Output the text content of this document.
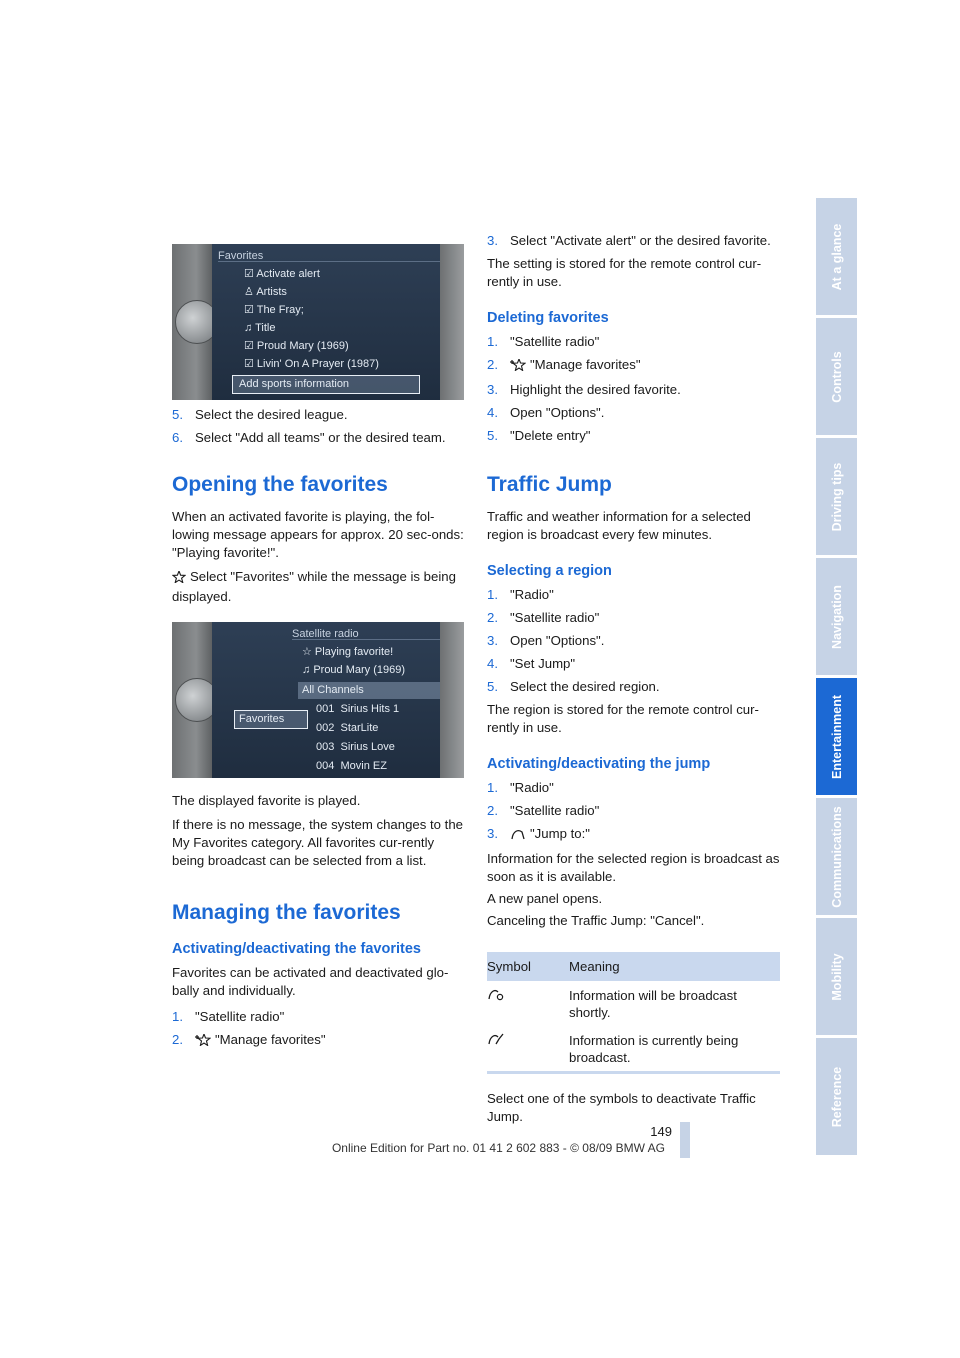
Favorites
☑ Activate alert
♙ Artists
☑ The Fray;
♫ Title
☑ Proud Mary (1969)
☑ Livin' On A Prayer (1987)
Add sports information
5. Select the desired league.
6. Select "Add all teams" or the desired team.
Opening the favorites

When an activated favorite is playing, the fol-lowing message appears for approx. 20 sec-onds: "Playing favorite!".

Select "Favorites" while the message is being displayed.

Satellite radio
☆ Playing favorite!
♫ Proud Mary (1969)
All Channels
001 Sirius Hits 1
002 StarLite
003 Sirius Love
004 Movin EZ
Favorites

The displayed favorite is played.

If there is no message, the system changes to the My Favorites category. All favorites cur-rently being broadcast can be selected from a list.

Managing the favorites
Activating/deactivating the favorites

Favorites can be activated and deactivated glo-bally and individually.

1. "Satellite radio"
2.	"Manage favorites"
3. Select "Activate alert" or the desired favorite.

The setting is stored for the remote control cur-rently in use.

Deleting favorites
1. "Satellite radio"
2.	"Manage favorites"
3. Highlight the desired favorite.
4. Open "Options".
5. "Delete entry"
Traffic Jump

Traffic and weather information for a selected region is broadcast every few minutes.

Selecting a region
1. "Radio"
2. "Satellite radio"
3. Open "Options".
4. "Set Jump"
5. Select the desired region.

The region is stored for the remote control cur-rently in use.

Activating/deactivating the jump
1. "Radio"
2. "Satellite radio"
3.	"Jump to:"

Information for the selected region is broadcast as soon as it is available.

A new panel opens.

Canceling the Traffic Jump: "Cancel".

Symbol	Meaning
	Information will be broadcast shortly.
	Information is currently being broadcast.

Select one of the symbols to deactivate Traffic Jump.

At a glance
Controls
Driving tips
Navigation
Entertainment
Communications
Mobility
Reference
149
Online Edition for Part no. 01 41 2 602 883 - © 08/09 BMW AG
